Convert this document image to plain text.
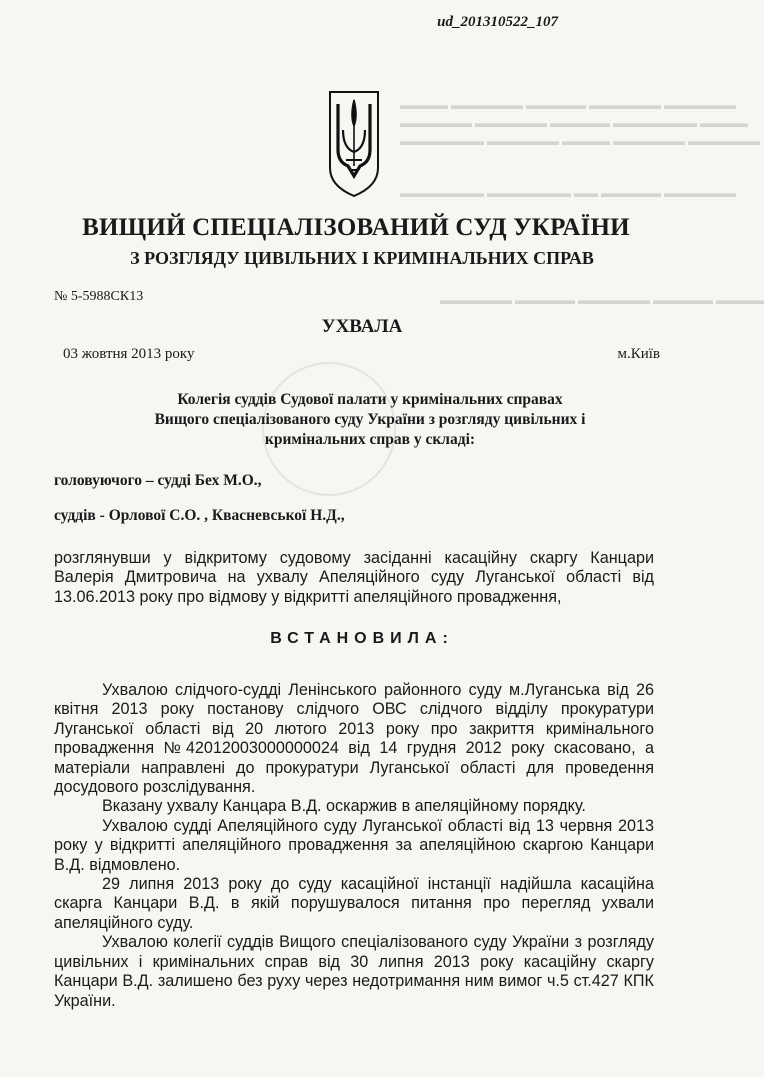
▬▬▬▬ ▬▬▬▬▬▬ ▬▬▬▬▬ ▬▬▬▬▬▬ ▬▬▬▬▬▬
▬▬▬▬▬▬ ▬▬▬▬▬▬ ▬▬▬▬▬ ▬▬▬▬▬▬▬ ▬▬▬▬
▬▬▬▬▬▬▬ ▬▬▬▬▬▬ ▬▬▬▬ ▬▬▬▬▬▬ ▬▬▬▬▬▬
▬▬▬▬▬▬▬ ▬▬▬▬▬▬▬ ▬▬ ▬▬▬▬▬ ▬▬▬▬▬▬
▬▬▬▬▬▬ ▬▬▬▬▬ ▬▬▬▬▬▬ ▬▬▬▬▬ ▬▬▬▬
ud_201310522_107
ВИЩИЙ СПЕЦІАЛІЗОВАНИЙ СУД УКРАЇНИ
З РОЗГЛЯДУ ЦИВІЛЬНИХ І КРИМІНАЛЬНИХ СПРАВ
№ 5-5988СК13
УХВАЛА
03 жовтня 2013 року	м.Київ
Колегія суддів Судової палати у кримінальних справах
Вищого спеціалізованого суду України з розгляду цивільних і
кримінальних справ у складі:
головуючого – судді Бех М.О.,
суддів - Орлової С.О. , Квасневської Н.Д.,
розглянувши у відкритому судовому засіданні касаційну скаргу Канцари Валерія Дмитровича на ухвалу Апеляційного суду Луганської області від 13.06.2013 року про відмову у відкритті апеляційного провадження,
ВСТАНОВИЛА:

Ухвалою слідчого-судді Ленінського районного суду м.Луганська від 26 квітня 2013 року постанову слідчого ОВС слідчого відділу прокуратури Луганської області від 20 лютого 2013 року про закриття кримінального провадження №42012003000000024 від 14 грудня 2012 року скасовано, а матеріали направлені до прокуратури Луганської області для проведення досудового розслідування.

Вказану ухвалу Канцара В.Д. оскаржив в апеляційному порядку.

Ухвалою судді Апеляційного суду Луганської області від 13 червня 2013 року у відкритті апеляційного провадження за апеляційною скаргою Канцари В.Д. відмовлено.

29 липня 2013 року до суду касаційної інстанції надійшла касаційна скарга Канцари В.Д. в якій порушувалося питання про перегляд ухвали апеляційного суду.

Ухвалою колегії суддів Вищого спеціалізованого суду України з розгляду цивільних і кримінальних справ від 30 липня 2013 року касаційну скаргу Канцари В.Д. залишено без руху через недотримання ним вимог ч.5 ст.427 КПК України.
